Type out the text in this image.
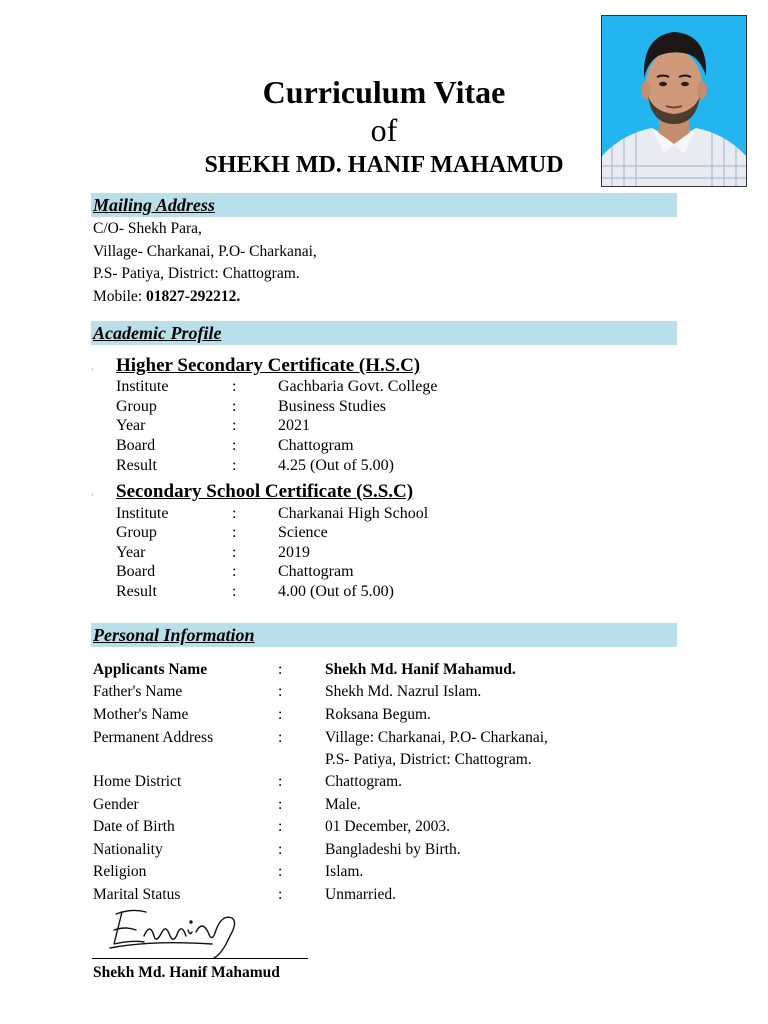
Curriculum Vitae
of
SHEKH MD. HANIF MAHAMUD
Mailing Address
C/O- Shekh Para,
Village- Charkanai, P.O- Charkanai,
P.S- Patiya, District: Chattogram.
Mobile: 01827-292212.
Academic Profile
· Higher Secondary Certificate (H.S.C)
Institute	:	Gachbaria Govt. College
Group	:	Business Studies
Year	:	2021
Board	:	Chattogram
Result	:	4.25 (Out of 5.00)
· Secondary School Certificate (S.S.C)
Institute	:	Charkanai High School
Group	:	Science
Year	:	2019
Board	:	Chattogram
Result	:	4.00 (Out of 5.00)
Personal Information
Applicants Name	:	Shekh Md. Hanif Mahamud.
Father's Name	:	Shekh Md. Nazrul Islam.
Mother's Name	:	Roksana Begum.
Permanent Address	:	Village: Charkanai, P.O- Charkanai,
P.S- Patiya, District: Chattogram.
Home District	:	Chattogram.
Gender	:	Male.
Date of Birth	:	01 December, 2003.
Nationality	:	Bangladeshi by Birth.
Religion	:	Islam.
Marital Status	:	Unmarried.
Shekh Md. Hanif Mahamud
